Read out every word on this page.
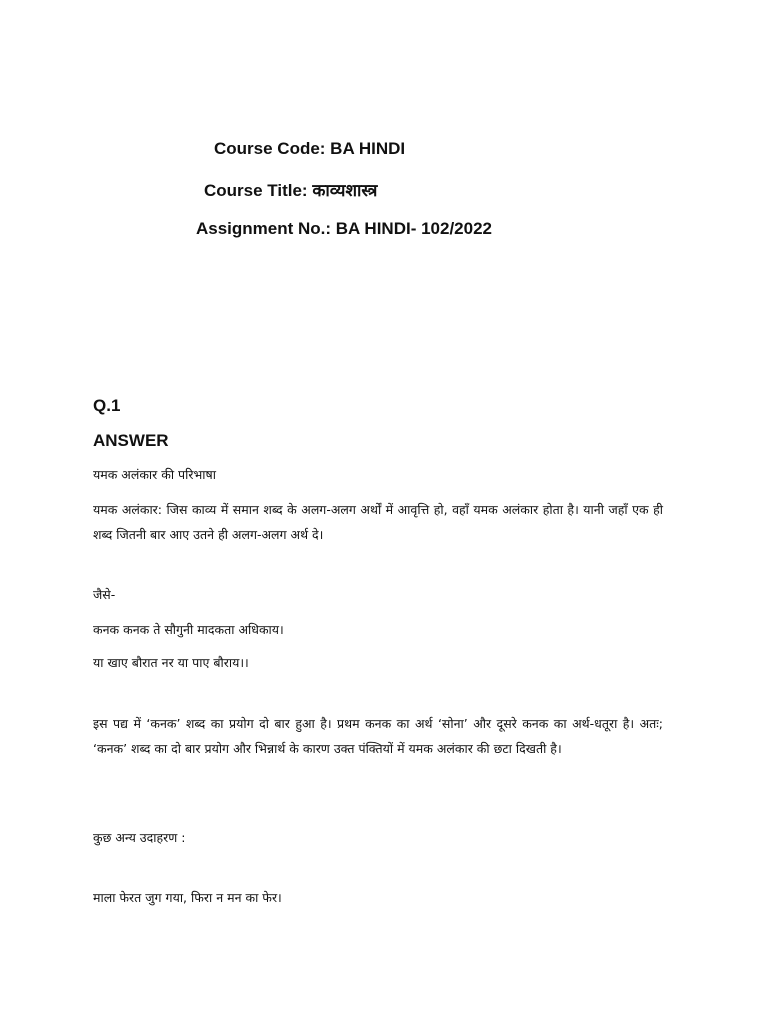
Course Code: BA HINDI
Course Title: काव्यशास्त्र
Assignment No.: BA HINDI- 102/2022
Q.1
ANSWER
यमक अलंकार की परिभाषा
यमक अलंकार: जिस काव्य में समान शब्द के अलग-अलग अर्थों में आवृत्ति हो, वहाँ यमक अलंकार होता है। यानी जहाँ एक ही शब्द जितनी बार आए उतने ही अलग-अलग अर्थ दे।
जैसे-
कनक कनक ते सौगुनी मादकता अधिकाय।
या खाए बौरात नर या पाए बौराय।।
इस पद्य में ‘कनक’ शब्द का प्रयोग दो बार हुआ है। प्रथम कनक का अर्थ ‘सोना’ और दूसरे कनक का अर्थ-धतूरा है। अतः; ‘कनक’ शब्द का दो बार प्रयोग और भिन्नार्थ के कारण उक्त पंक्तियों में यमक अलंकार की छटा दिखती है।
कुछ अन्य उदाहरण :
माला फेरत जुग गया, फिरा न मन का फेर।
